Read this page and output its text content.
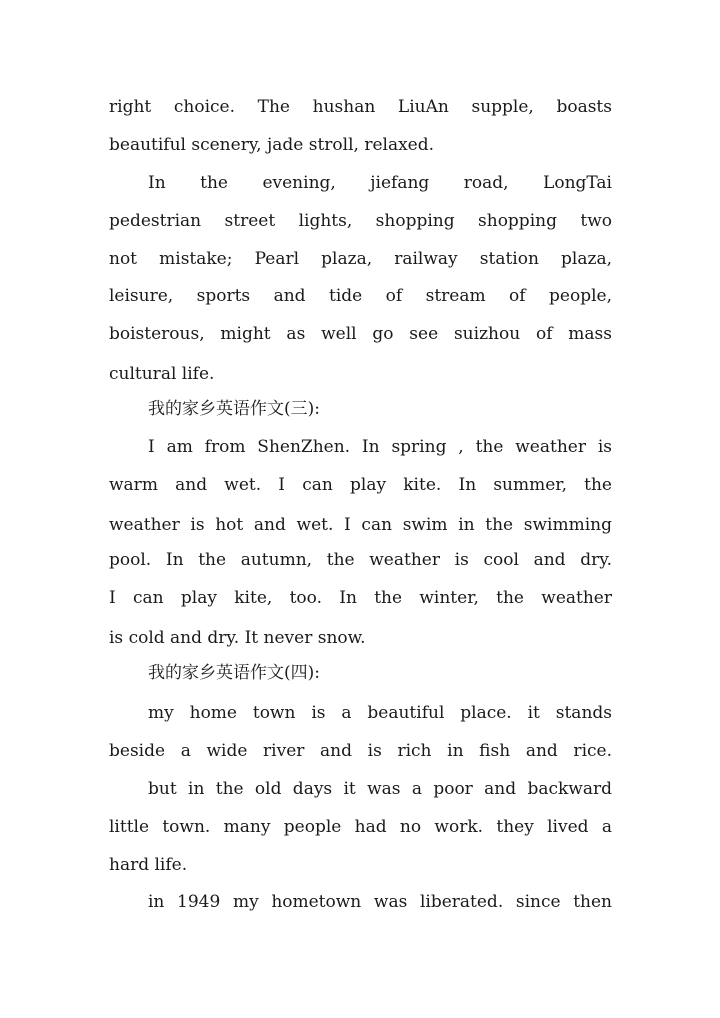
right choice. The hushan LiuAn supple, boasts
beautiful scenery, jade stroll, relaxed.
In the evening, jiefang road, LongTai
pedestrian street lights, shopping shopping two
not mistake; Pearl plaza, railway station plaza,
leisure, sports and tide of stream of people,
boisterous, might as well go see suizhou of mass
cultural life.
我的家乡英语作文(三):
I am from ShenZhen. In spring , the weather is
warm and wet. I can play kite. In summer, the
weather is hot and wet. I can swim in the swimming
pool. In the autumn, the weather is cool and dry.
I can play kite, too. In the winter, the weather
is cold and dry. It never snow.
我的家乡英语作文(四):
my home town is a beautiful place. it stands
beside a wide river and is rich in fish and rice.
but in the old days it was a poor and backward
little town. many people had no work. they lived a
hard life.
in 1949 my hometown was liberated. since then
